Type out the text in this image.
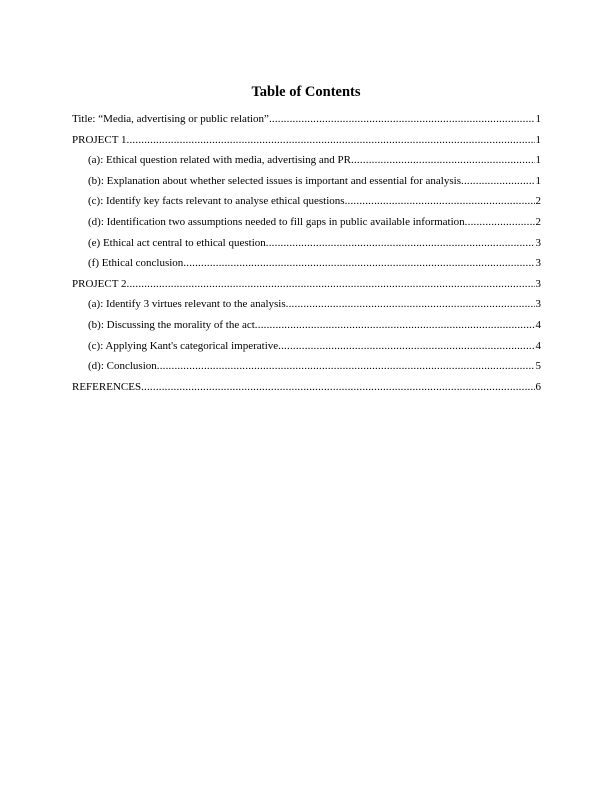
Table of Contents
Title: “Media, advertising or public relation” .....	1
PROJECT 1 .....	1
(a): Ethical question related with media, advertising and PR .....	1
(b): Explanation about whether selected issues is important and essential for analysis .....	1
(c): Identify key facts relevant to analyse ethical questions .....	2
(d): Identification two assumptions needed to fill gaps in public available information .....	2
(e) Ethical act central to ethical question .....	3
(f) Ethical conclusion .....	3
PROJECT 2 .....	3
(a): Identify 3 virtues relevant to the analysis .....	3
(b): Discussing the morality of the act .....	4
(c): Applying Kant's categorical imperative .....	4
(d): Conclusion .....	5
REFERENCES .....	6
